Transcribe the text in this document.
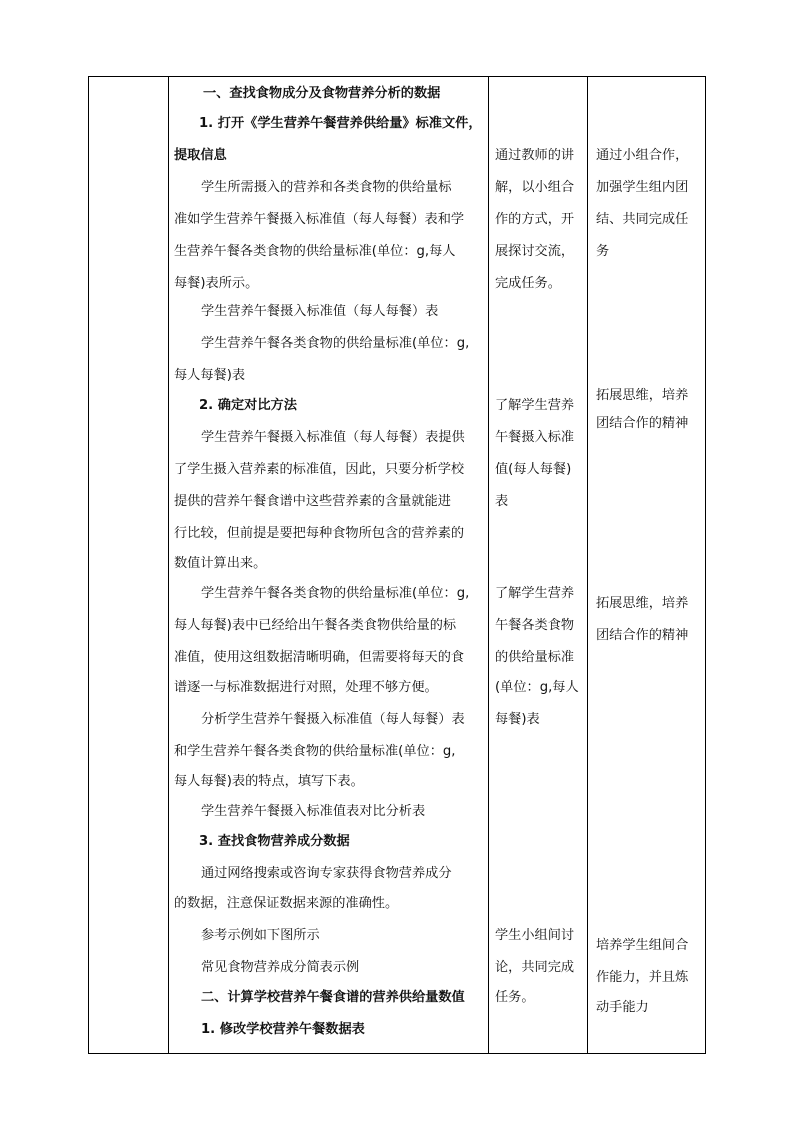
一、查找食物成分及食物营养分析的数据
1. 打开《学生营养午餐营养供给量》标准文件，
提取信息
学生所需摄入的营养和各类食物的供给量标
准如学生营养午餐摄入标准值（每人每餐）表和学
生营养午餐各类食物的供给量标准(单位：g,每人
每餐)表所示。
学生营养午餐摄入标准值（每人每餐）表
学生营养午餐各类食物的供给量标准(单位：g,
每人每餐)表
2. 确定对比方法
学生营养午餐摄入标准值（每人每餐）表提供
了学生摄入营养素的标准值，因此，只要分析学校
提供的营养午餐食谱中这些营养素的含量就能进
行比较，但前提是要把每种食物所包含的营养素的
数值计算出来。
学生营养午餐各类食物的供给量标准(单位：g,
每人每餐)表中已经给出午餐各类食物供给量的标
准值，使用这组数据清晰明确，但需要将每天的食
谱逐一与标准数据进行对照，处理不够方便。
分析学生营养午餐摄入标准值（每人每餐）表
和学生营养午餐各类食物的供给量标准(单位：g,
每人每餐)表的特点，填写下表。
学生营养午餐摄入标准值表对比分析表
3. 查找食物营养成分数据
通过网络搜索或咨询专家获得食物营养成分
的数据，注意保证数据来源的准确性。
参考示例如下图所示
常见食物营养成分简表示例
二、计算学校营养午餐食谱的营养供给量数值
1. 修改学校营养午餐数据表
通过教师的讲
解，以小组合
作的方式，开
展探讨交流，
完成任务。
了解学生营养
午餐摄入标准
值(每人每餐)
表
了解学生营养
午餐各类食物
的供给量标准
(单位：g,每人
每餐)表
学生小组间讨
论，共同完成
任务。
通过小组合作，
加强学生组内团
结、共同完成任
务
拓展思维，培养
团结合作的精神
拓展思维，培养
团结合作的精神
培养学生组间合
作能力，并且炼
动手能力
